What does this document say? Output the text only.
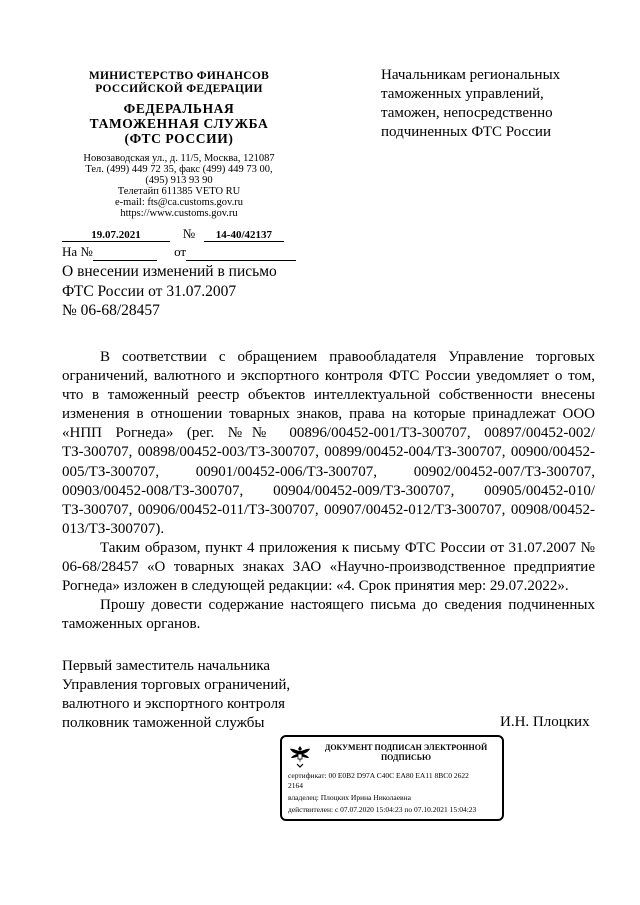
МИНИСТЕРСТВО ФИНАНСОВ
РОССИЙСКОЙ ФЕДЕРАЦИИ
ФЕДЕРАЛЬНАЯ
ТАМОЖЕННАЯ СЛУЖБА
(ФТС РОССИИ)
Новозаводская ул., д. 11/5, Москва, 121087
Тел. (499) 449 72 35, факс (499) 449 73 00,
(495) 913 93 90
Телетайп 611385 VETO RU
e-mail: fts@ca.customs.gov.ru
https://www.customs.gov.ru
19.07.2021	№ 14-40/42137
На №	от
Начальникам региональных
таможенных управлений,
таможен, непосредственно
подчиненных ФТС России
О внесении изменений в письмо
ФТС России от 31.07.2007
№ 06-68/28457

В соответствии с обращением правообладателя Управление торговых ограничений, валютного и экспортного контроля ФТС России уведомляет о том, что в таможенный реестр объектов интеллектуальной собственности внесены изменения в отношении товарных знаков, права на которые принадлежат ООО «НПП Рогнеда» (рег. №№ 00896/00452-001/ТЗ-300707, 00897/00452-002/ТЗ-300707, 00898/00452-003/ТЗ-300707, 00899/00452-004/ТЗ-300707, 00900/00452-005/ТЗ-300707, 00901/00452-006/ТЗ-300707, 00902/00452-007/ТЗ-300707, 00903/00452-008/ТЗ-300707, 00904/00452-009/ТЗ-300707, 00905/00452-010/ТЗ-300707, 00906/00452-011/ТЗ-300707, 00907/00452-012/ТЗ-300707, 00908/00452-013/ТЗ-300707).

Таким образом, пункт 4 приложения к письму ФТС России от 31.07.2007 № 06-68/28457 «О товарных знаках ЗАО «Научно-производственное предприятие Рогнеда» изложен в следующей редакции: «4. Срок принятия мер: 29.07.2022».

Прошу довести содержание настоящего письма до сведения подчиненных таможенных органов.

Первый заместитель начальника
Управления торговых ограничений,
валютного и экспортного контроля
полковник таможенной службы	И.Н. Плоцких
ДОКУМЕНТ ПОДПИСАН ЭЛЕКТРОННОЙ
ПОДПИСЬЮ
сертификат: 00 E0B2 D97A C40C EA80 EA11 8BC0 2622
2164
владелец: Плоцких Ирина Николаевна
действителен: с 07.07.2020 15:04:23 по 07.10.2021 15:04:23
